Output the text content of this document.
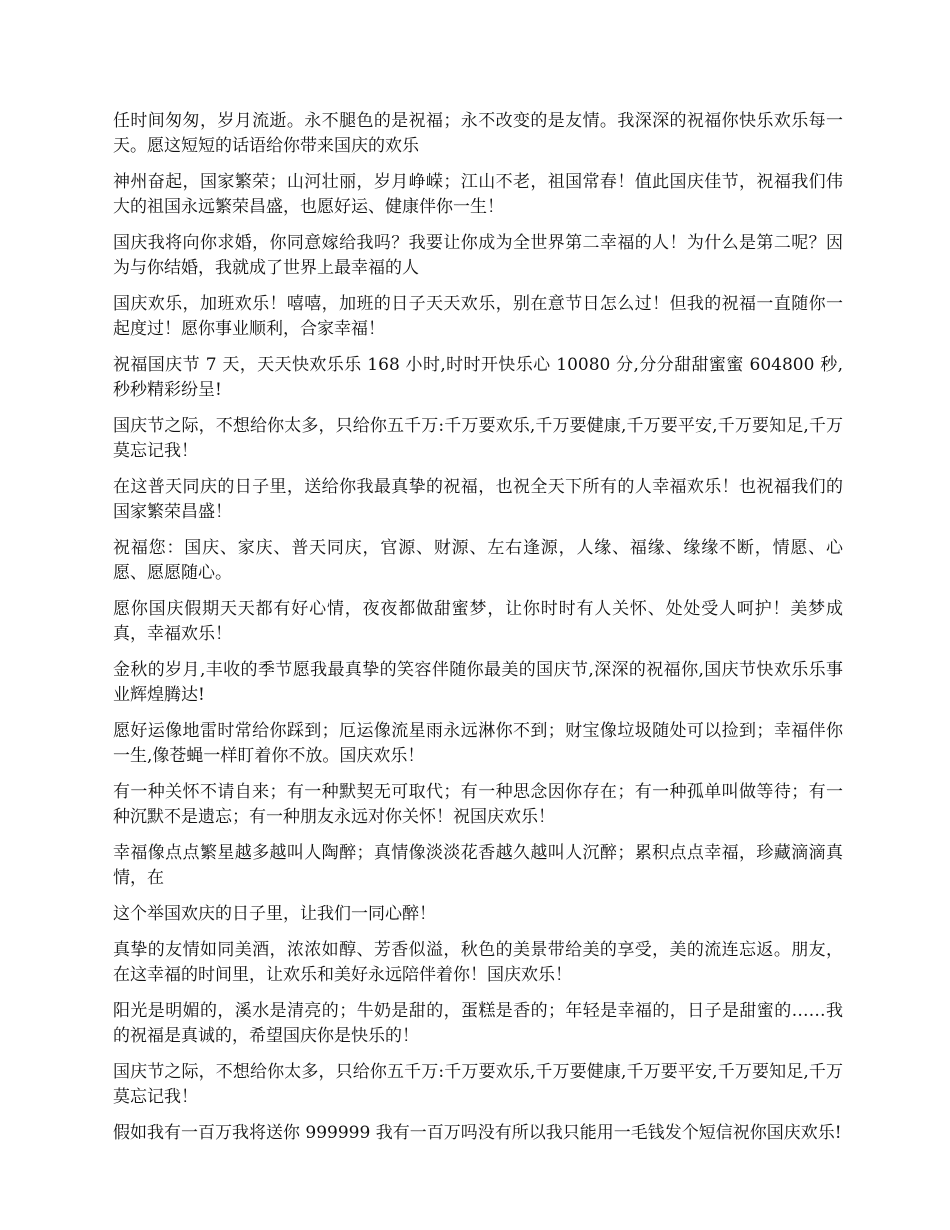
任时间匆匆，岁月流逝。永不腿色的是祝福；永不改变的是友情。我深深的祝福你快乐欢乐每一天。愿这短短的话语给你带来国庆的欢乐

神州奋起，国家繁荣；山河壮丽，岁月峥嵘；江山不老，祖国常春！值此国庆佳节，祝福我们伟大的祖国永远繁荣昌盛，也愿好运、健康伴你一生！

国庆我将向你求婚，你同意嫁给我吗？我要让你成为全世界第二幸福的人！为什么是第二呢？因为与你结婚，我就成了世界上最幸福的人

国庆欢乐，加班欢乐！嘻嘻，加班的日子天天欢乐，别在意节日怎么过！但我的祝福一直随你一起度过！愿你事业顺利，合家幸福！

祝福国庆节 7 天，天天快欢乐乐 168 小时,时时开快乐心 10080 分,分分甜甜蜜蜜 604800 秒,秒秒精彩纷呈!

国庆节之际，不想给你太多，只给你五千万:千万要欢乐,千万要健康,千万要平安,千万要知足,千万莫忘记我！

在这普天同庆的日子里，送给你我最真挚的祝福，也祝全天下所有的人幸福欢乐！也祝福我们的国家繁荣昌盛！

祝福您：国庆、家庆、普天同庆，官源、财源、左右逢源，人缘、福缘、缘缘不断，情愿、心愿、愿愿随心。

愿你国庆假期天天都有好心情，夜夜都做甜蜜梦，让你时时有人关怀、处处受人呵护！美梦成真，幸福欢乐！

金秋的岁月,丰收的季节愿我最真挚的笑容伴随你最美的国庆节,深深的祝福你,国庆节快欢乐乐事业辉煌腾达!

愿好运像地雷时常给你踩到；厄运像流星雨永远淋你不到；财宝像垃圾随处可以捡到；幸福伴你一生,像苍蝇一样盯着你不放。国庆欢乐！

有一种关怀不请自来；有一种默契无可取代；有一种思念因你存在；有一种孤单叫做等待；有一种沉默不是遗忘；有一种朋友永远对你关怀！祝国庆欢乐！

幸福像点点繁星越多越叫人陶醉；真情像淡淡花香越久越叫人沉醉；累积点点幸福，珍藏滴滴真情，在

这个举国欢庆的日子里，让我们一同心醉！

真挚的友情如同美酒，浓浓如醇、芳香似溢，秋色的美景带给美的享受，美的流连忘返。朋友，在这幸福的时间里，让欢乐和美好永远陪伴着你！国庆欢乐！

阳光是明媚的，溪水是清亮的；牛奶是甜的，蛋糕是香的；年轻是幸福的，日子是甜蜜的……我的祝福是真诚的，希望国庆你是快乐的！

国庆节之际，不想给你太多，只给你五千万:千万要欢乐,千万要健康,千万要平安,千万要知足,千万莫忘记我！

假如我有一百万我将送你 999999 我有一百万吗没有所以我只能用一毛钱发个短信祝你国庆欢乐!
